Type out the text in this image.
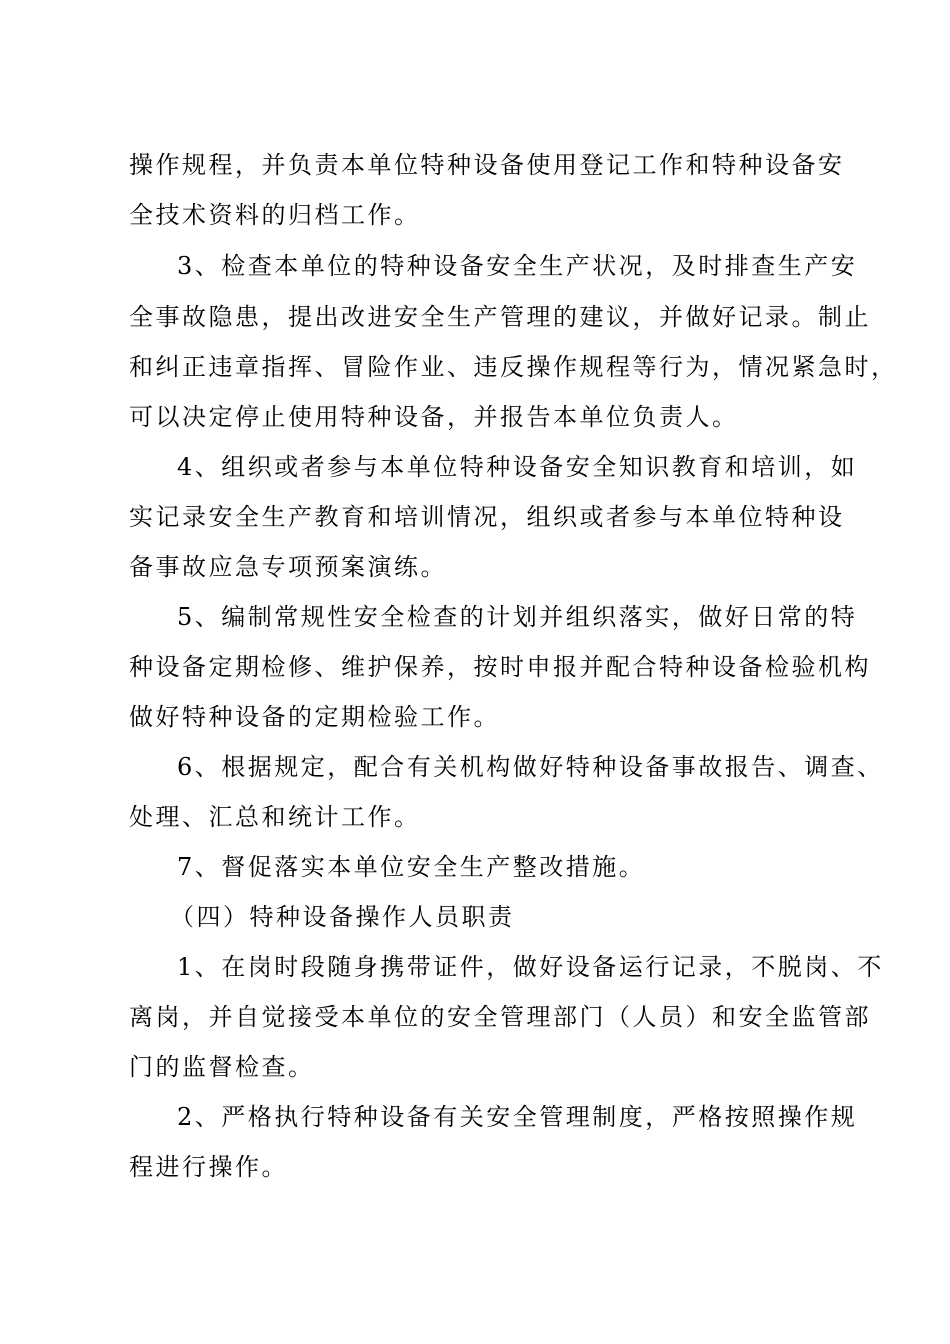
操作规程，并负责本单位特种设备使用登记工作和特种设备安
全技术资料的归档工作。
3、检查本单位的特种设备安全生产状况，及时排查生产安
全事故隐患，提出改进安全生产管理的建议，并做好记录。制止
和纠正违章指挥、冒险作业、违反操作规程等行为，情况紧急时，
可以决定停止使用特种设备，并报告本单位负责人。
4、组织或者参与本单位特种设备安全知识教育和培训，如
实记录安全生产教育和培训情况，组织或者参与本单位特种设
备事故应急专项预案演练。
5、编制常规性安全检查的计划并组织落实，做好日常的特
种设备定期检修、维护保养，按时申报并配合特种设备检验机构
做好特种设备的定期检验工作。
6、根据规定，配合有关机构做好特种设备事故报告、调查、
处理、汇总和统计工作。
7、督促落实本单位安全生产整改措施。
（四）特种设备操作人员职责
1、在岗时段随身携带证件，做好设备运行记录，不脱岗、不
离岗，并自觉接受本单位的安全管理部门（人员）和安全监管部
门的监督检查。
2、严格执行特种设备有关安全管理制度，严格按照操作规
程进行操作。
